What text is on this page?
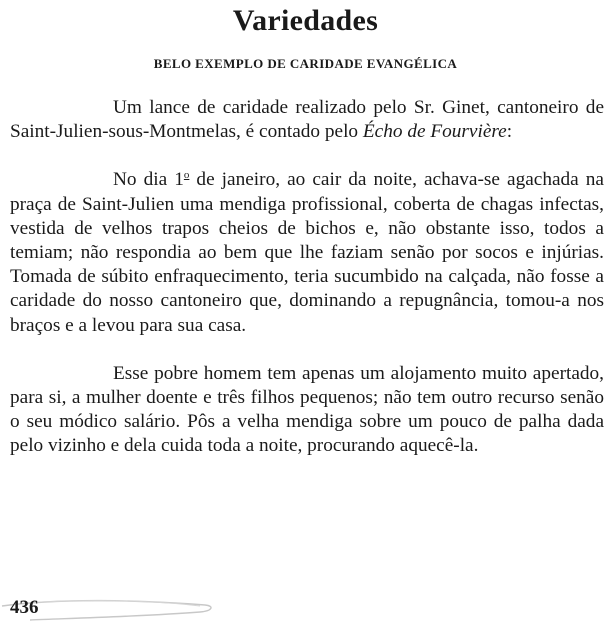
Variedades
BELO EXEMPLO DE CARIDADE EVANGÉLICA

Um lance de caridade realizado pelo Sr. Ginet, cantoneiro de Saint-Julien-sous-Montmelas, é contado pelo Écho de Fourvière:

No dia 1$^o$ de janeiro, ao cair da noite, achava-se agachada na praça de Saint-Julien uma mendiga profissional, coberta de chagas infectas, vestida de velhos trapos cheios de bichos e, não obstante isso, todos a temiam; não respondia ao bem que lhe faziam senão por socos e injúrias. Tomada de súbito enfraquecimento, teria sucumbido na calçada, não fosse a caridade do nosso cantoneiro que, dominando a repugnância, tomou-a nos braços e a levou para sua casa.

Esse pobre homem tem apenas um alojamento muito apertado, para si, a mulher doente e três filhos pequenos; não tem outro recurso senão o seu módico salário. Pôs a velha mendiga sobre um pouco de palha dada pelo vizinho e dela cuida toda a noite, procurando aquecê-la.

436
